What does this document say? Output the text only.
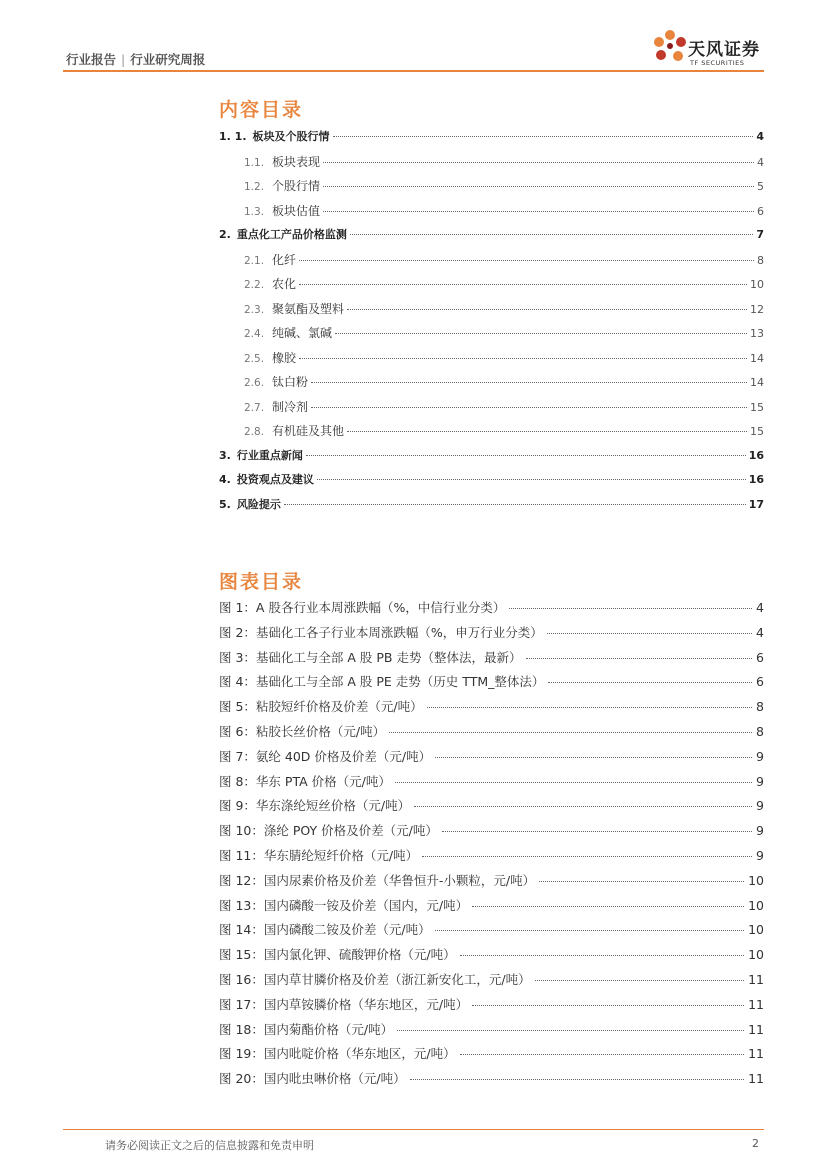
行业报告 | 行业研究周报	天风证券
TF SECURITIES
内容目录
1. 1. 板块及个股行情	4
1.1. 板块表现	4
1.2. 个股行情	5
1.3. 板块估值	6
2. 重点化工产品价格监测	7
2.1. 化纤	8
2.2. 农化	10
2.3. 聚氨酯及塑料	12
2.4. 纯碱、氯碱	13
2.5. 橡胶	14
2.6. 钛白粉	14
2.7. 制冷剂	15
2.8. 有机硅及其他	15
3. 行业重点新闻	16
4. 投资观点及建议	16
5. 风险提示	17
图表目录
图 1：A 股各行业本周涨跌幅（%，中信行业分类）	4
图 2：基础化工各子行业本周涨跌幅（%，申万行业分类）	4
图 3：基础化工与全部 A 股 PB 走势（整体法，最新）	6
图 4：基础化工与全部 A 股 PE 走势（历史 TTM_整体法）	6
图 5：粘胶短纤价格及价差（元/吨）	8
图 6：粘胶长丝价格（元/吨）	8
图 7：氨纶 40D 价格及价差（元/吨）	9
图 8：华东 PTA 价格（元/吨）	9
图 9：华东涤纶短丝价格（元/吨）	9
图 10：涤纶 POY 价格及价差（元/吨）	9
图 11：华东腈纶短纤价格（元/吨）	9
图 12：国内尿素价格及价差（华鲁恒升-小颗粒，元/吨）	10
图 13：国内磷酸一铵及价差（国内，元/吨）	10
图 14：国内磷酸二铵及价差（元/吨）	10
图 15：国内氯化钾、硫酸钾价格（元/吨）	10
图 16：国内草甘膦价格及价差（浙江新安化工，元/吨）	11
图 17：国内草铵膦价格（华东地区，元/吨）	11
图 18：国内菊酯价格（元/吨）	11
图 19：国内吡啶价格（华东地区，元/吨）	11
图 20：国内吡虫啉价格（元/吨）	11
请务必阅读正文之后的信息披露和免责申明	2
